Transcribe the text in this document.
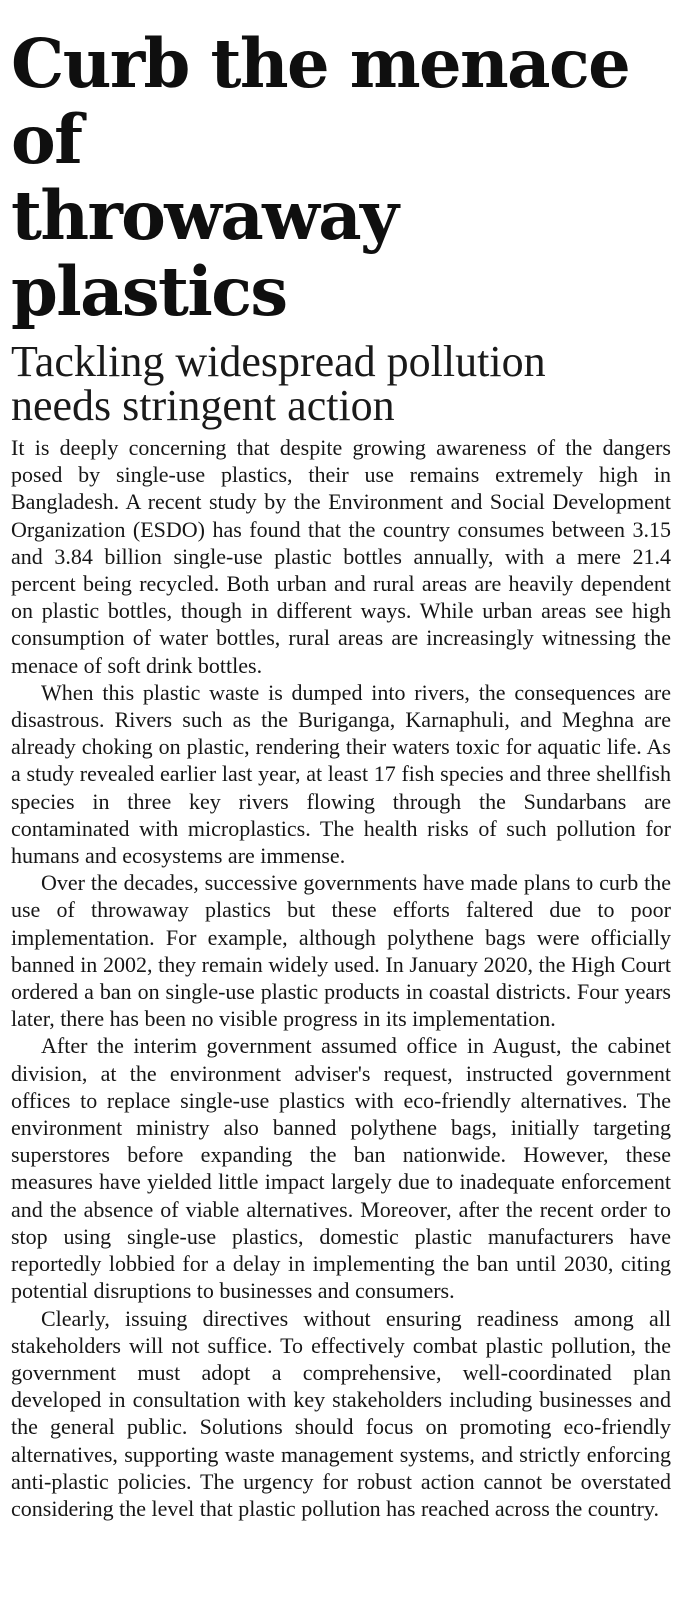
Curb the menace of
throwaway plastics
Tackling widespread pollution
needs stringent action

It is deeply concerning that despite growing awareness of the dangers posed by single-use plastics, their use remains extremely high in Bangladesh. A recent study by the Environment and Social Development Organization (ESDO) has found that the country consumes between 3.15 and 3.84 billion single-use plastic bottles annually, with a mere 21.4 percent being recycled. Both urban and rural areas are heavily dependent on plastic bottles, though in different ways. While urban areas see high consumption of water bottles, rural areas are increasingly witnessing the menace of soft drink bottles.

When this plastic waste is dumped into rivers, the consequences are disastrous. Rivers such as the Buriganga, Karnaphuli, and Meghna are already choking on plastic, rendering their waters toxic for aquatic life. As a study revealed earlier last year, at least 17 fish species and three shellfish species in three key rivers flowing through the Sundarbans are contaminated with microplastics. The health risks of such pollution for humans and ecosystems are immense.

Over the decades, successive governments have made plans to curb the use of throwaway plastics but these efforts faltered due to poor implementation. For example, although polythene bags were officially banned in 2002, they remain widely used. In January 2020, the High Court ordered a ban on single-use plastic products in coastal districts. Four years later, there has been no visible progress in its implementation.

After the interim government assumed office in August, the cabinet division, at the environment adviser's request, instructed government offices to replace single-use plastics with eco-friendly alternatives. The environment ministry also banned polythene bags, initially targeting superstores before expanding the ban nationwide. However, these measures have yielded little impact largely due to inadequate enforcement and the absence of viable alternatives. Moreover, after the recent order to stop using single-use plastics, domestic plastic manufacturers have reportedly lobbied for a delay in implementing the ban until 2030, citing potential disruptions to businesses and consumers.

Clearly, issuing directives without ensuring readiness among all stakeholders will not suffice. To effectively combat plastic pollution, the government must adopt a comprehensive, well-coordinated plan developed in consultation with key stakeholders including businesses and the general public. Solutions should focus on promoting eco-friendly alternatives, supporting waste management systems, and strictly enforcing anti-plastic policies. The urgency for robust action cannot be overstated considering the level that plastic pollution has reached across the country.
